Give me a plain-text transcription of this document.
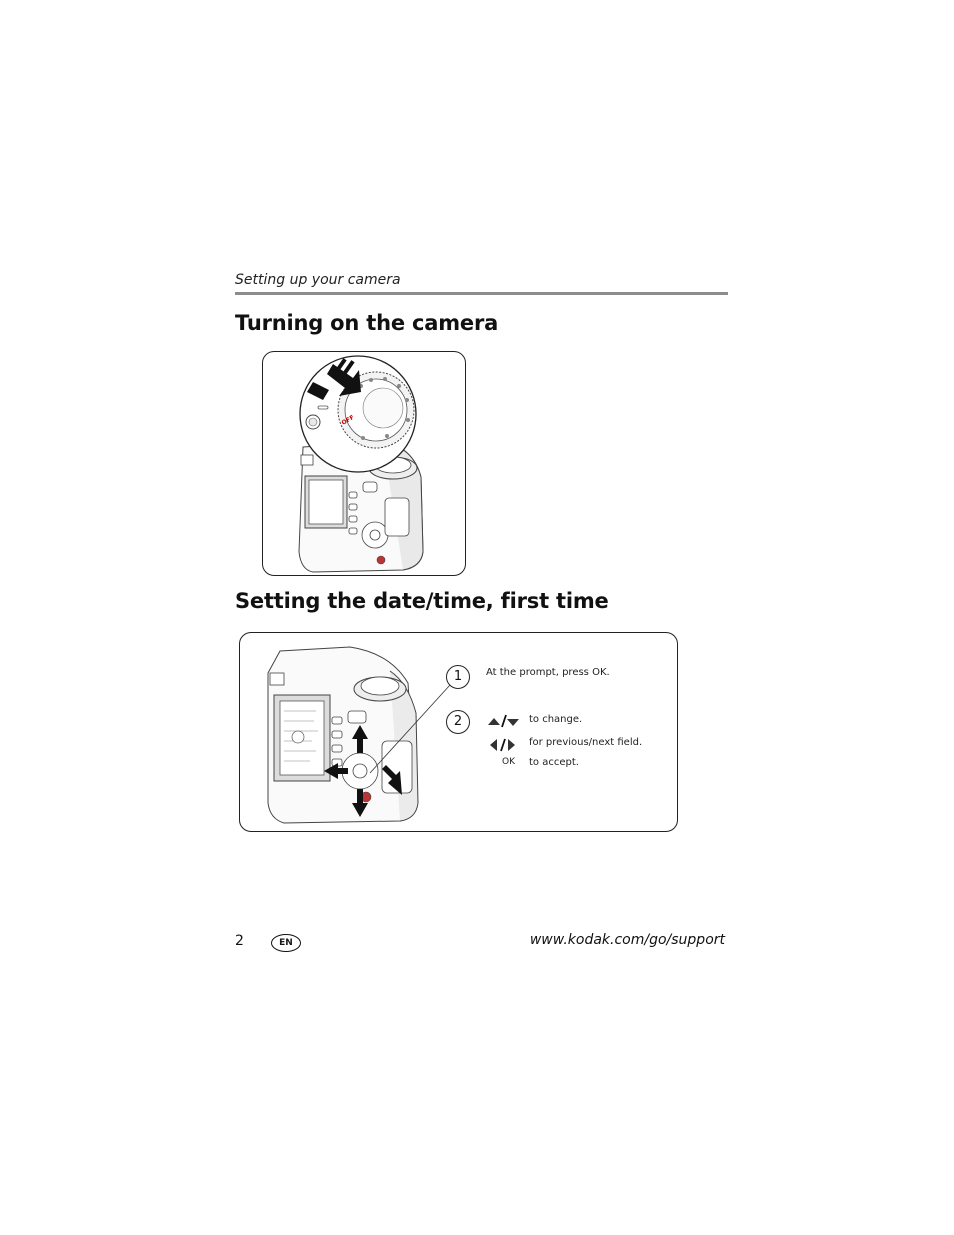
Setting up your camera
Turning on the camera
OFF
Setting the date/time, first time
1	At the prompt, press OK.
2	to change.
for previous/next field.
OK to accept.
2	EN	www.kodak.com/go/support
